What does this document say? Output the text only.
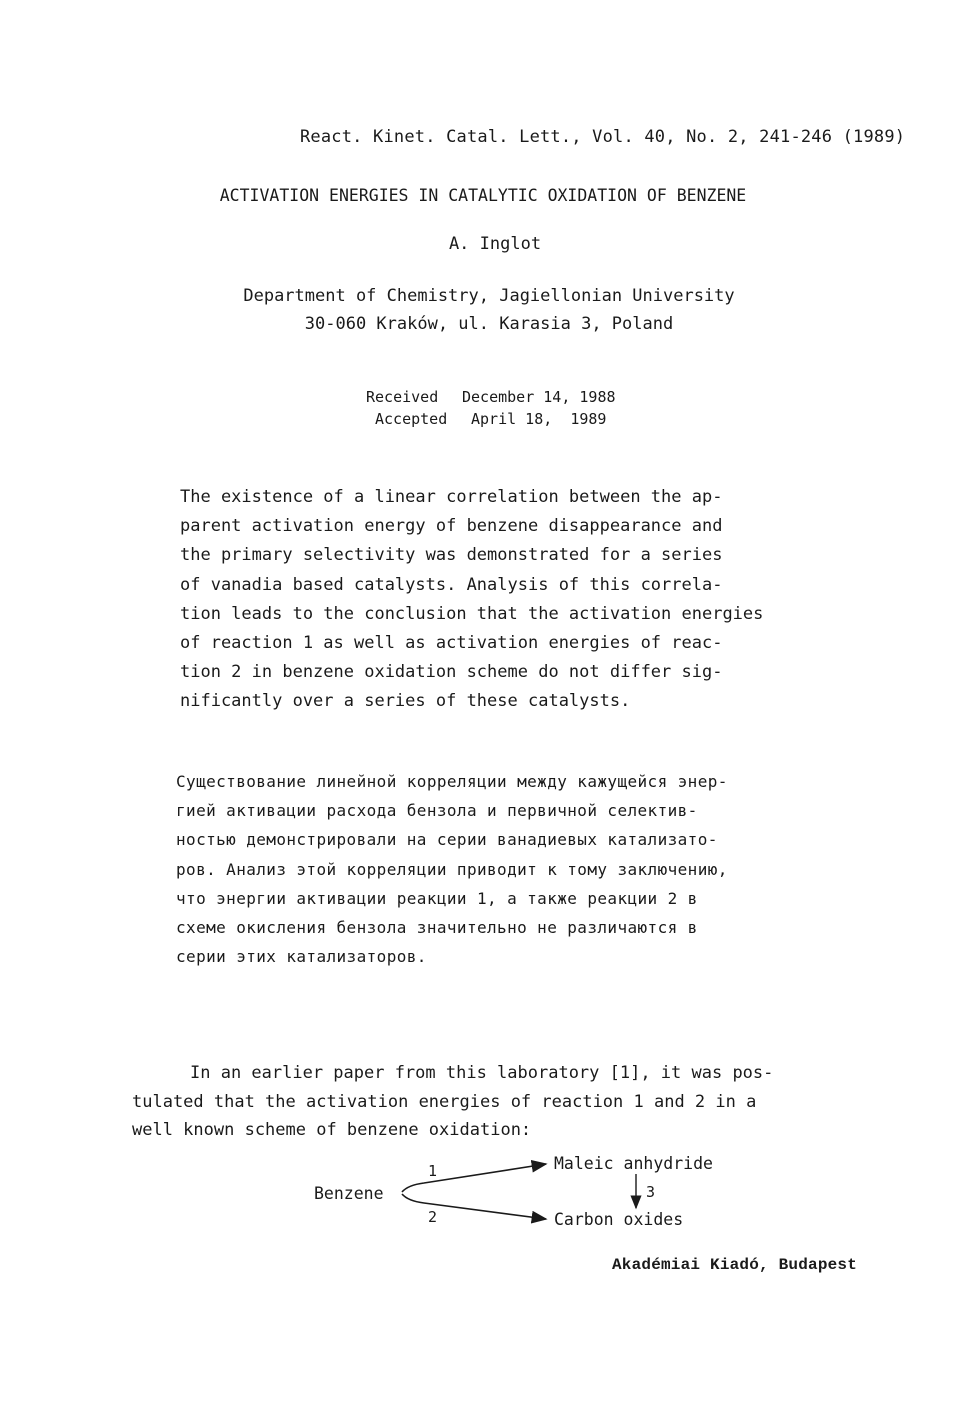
React. Kinet. Catal. Lett., Vol. 40, No. 2, 241-246 (1989)
ACTIVATION ENERGIES IN CATALYTIC OXIDATION OF BENZENE
A. Inglot
Department of Chemistry, Jagiellonian University
30-060 Kraków, ul. Karasia 3, Poland
Received	December 14, 1988
Accepted	April 18,  1989
The existence of a linear correlation between the ap-
parent activation energy of benzene disappearance and
the primary selectivity was demonstrated for a series
of vanadia based catalysts. Analysis of this correla-
tion leads to the conclusion that the activation energies
of reaction 1 as well as activation energies of reac-
tion 2 in benzene oxidation scheme do not differ sig-
nificantly over a series of these catalysts.
Существование линейной корреляции между кажущейся энер-
гией активации расхода бензола и первичной селектив-
ностью демонстрировали на серии ванадиевых катализато-
ров. Анализ этой корреляции приводит к тому заключению,
что энергии активации реакции 1, а также реакции 2 в
схеме окисления бензола значительно не различаются в
серии этих катализаторов.
In an earlier paper from this laboratory [1], it was pos-
tulated that the activation energies of reaction 1 and 2 in a
well known scheme of benzene oxidation:
Benzene
Maleic anhydride
Carbon oxides
1
2
3
Akadémiai Kiadó, Budapest
